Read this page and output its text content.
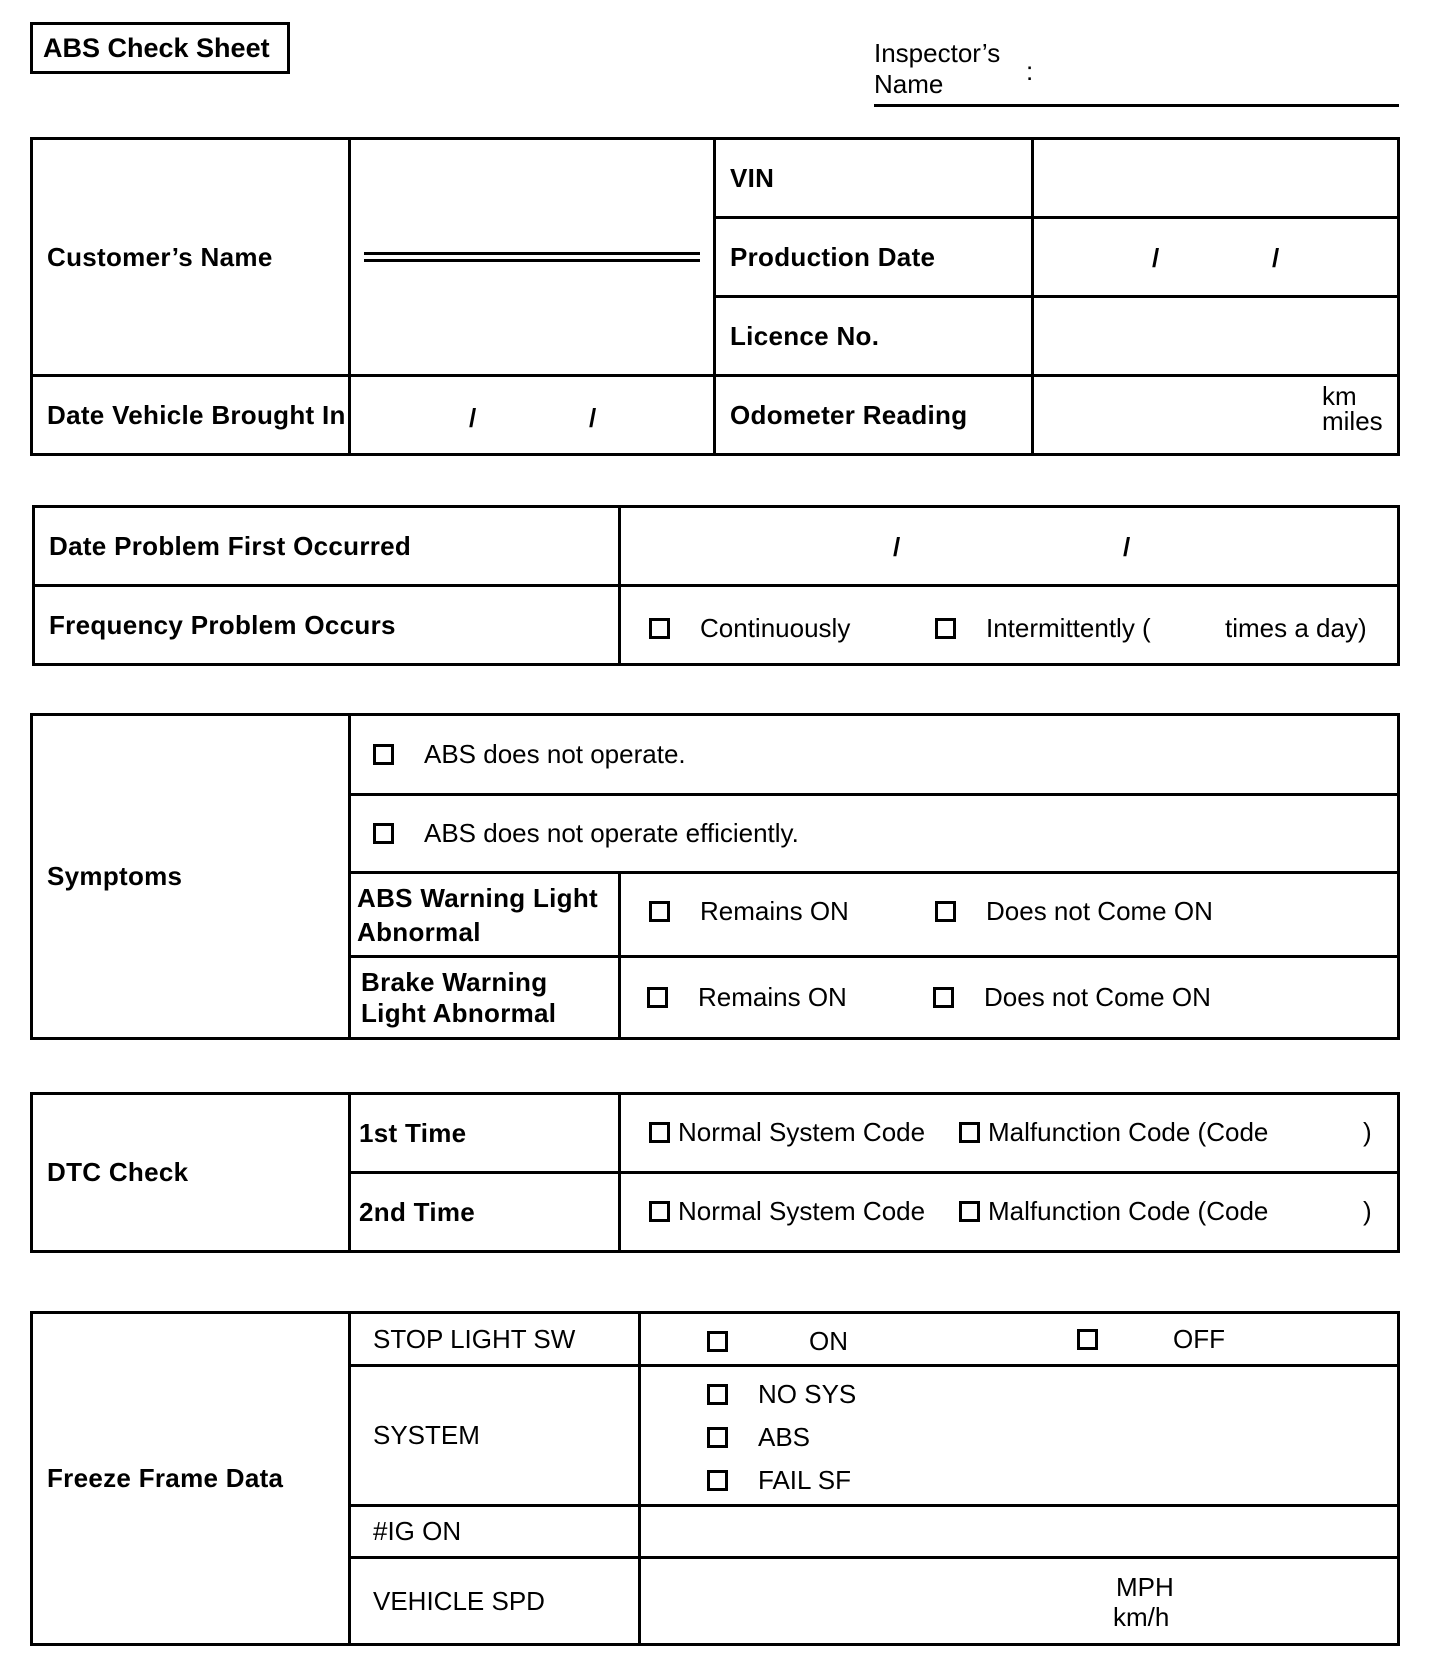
ABS Check Sheet	Inspector’s Name	:
Customer’s Name		VIN	
		Production Date	/ /

		Licence No.	
Date Vehicle Brought In	/ /	Odometer Reading	km
miles
Date Problem First Occurred	/ /

Frequency Problem Occurs	Continuously Intermittently ( times a day)
Symptoms	ABS does not operate.	
	ABS does not operate efficiently.	
	ABS Warning Light Abnormal	Remains ON Does not Come ON

	Brake Warning Light Abnormal	Remains ON Does not Come ON
DTC Check	1st Time	Normal System Code Malfunction Code (Code )

	2nd Time	Normal System Code Malfunction Code (Code )
Freeze Frame Data	STOP LIGHT SW	ON OFF

	SYSTEM	NO SYS
ABS
FAIL SF

	#IG ON	
	VEHICLE SPD	MPH
km/h
